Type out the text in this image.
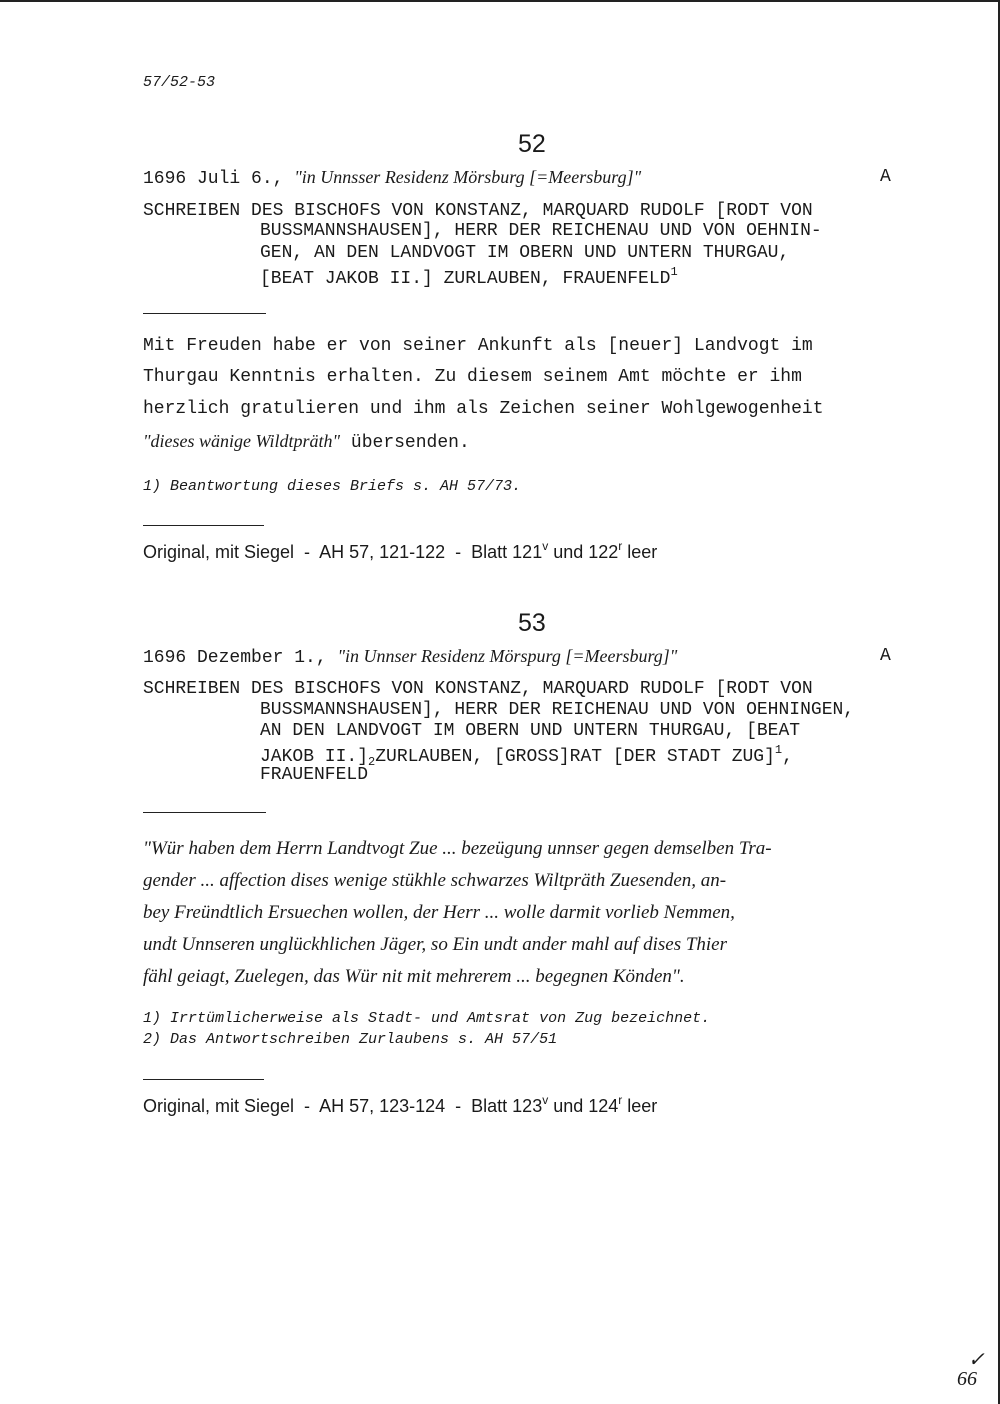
57/52-53
52
1696 Juli 6., "in Unnsser Residenz Mörsburg [=Meersburg]"	A
SCHREIBEN DES BISCHOFS VON KONSTANZ, MARQUARD RUDOLF [RODT VON
BUSSMANNSHAUSEN], HERR DER REICHENAU UND VON OEHNIN-
GEN, AN DEN LANDVOGT IM OBERN UND UNTERN THURGAU,
[BEAT JAKOB II.] ZURLAUBEN, FRAUENFELD$^1$
Mit Freuden habe er von seiner Ankunft als [neuer] Landvogt im
Thurgau Kenntnis erhalten. Zu diesem seinem Amt möchte er ihm
herzlich gratulieren und ihm als Zeichen seiner Wohlgewogenheit
"dieses wänige Wildtpräth" übersenden.
1) Beantwortung dieses Briefs s. AH 57/73.
Original, mit Siegel  -  AH 57, 121-122  -  Blatt 121$^v$ und 122$^r$ leer
53
1696 Dezember 1., "in Unnser Residenz Mörspurg [=Meersburg]"	A
SCHREIBEN DES BISCHOFS VON KONSTANZ, MARQUARD RUDOLF [RODT VON
BUSSMANNSHAUSEN], HERR DER REICHENAU UND VON OEHNINGEN,
AN DEN LANDVOGT IM OBERN UND UNTERN THURGAU, [BEAT
JAKOB $II.]_2ZURLAUBEN$, [GROSS]RAT [DER STADT ZUG]$^1$,
FRAUENFELD
"Wür haben dem Herrn Landtvogt Zue ... bezeügung unnser gegen demselben Tra-
gender ... affection dises wenige stükhle schwarzes Wiltpräth Zuesenden, an-
bey Freündtlich Ersuechen wollen, der Herr ... wolle darmit vorlieb Nemmen,
undt Unnseren unglückhlichen Jäger, so Ein undt ander mahl auf dises Thier
fähl geiagt, Zuelegen, das Wür nit mit mehrerem ... begegnen Könden".
1) Irrtümlicherweise als Stadt- und Amtsrat von Zug bezeichnet.
2) Das Antwortschreiben Zurlaubens s. AH 57/51
Original, mit Siegel  -  AH 57, 123-124  -  Blatt 123$^v$ und 124$^r$ leer
✓
66
